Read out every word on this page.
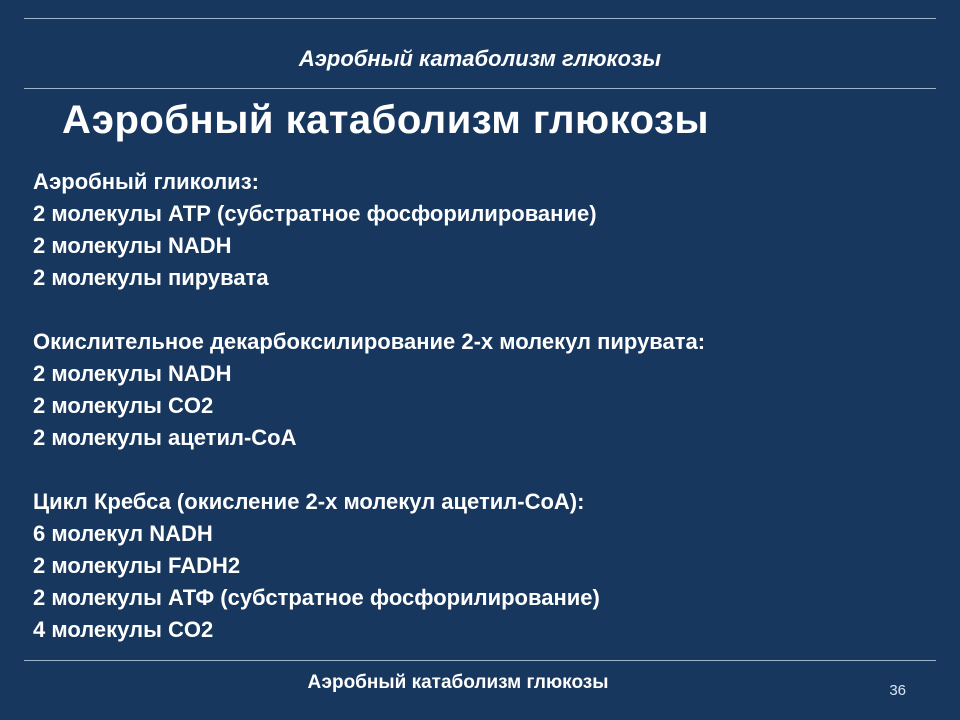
Аэробный катаболизм глюкозы
Аэробный катаболизм глюкозы
Аэробный гликолиз:
2 молекулы АТР (субстратное фосфорилирование)
2 молекулы NADH
2 молекулы пирувата
Окислительное декарбоксилирование 2-х молекул пирувата:
2 молекулы NADH
2 молекулы CO2
2 молекулы ацетил-СоА
Цикл Кребса (окисление 2-х молекул ацетил-СоА):
6 молекул NADH
2 молекулы FADH2
2 молекулы АТФ (субстратное фосфорилирование)
4 молекулы CO2
Аэробный катаболизм глюкозы	36
